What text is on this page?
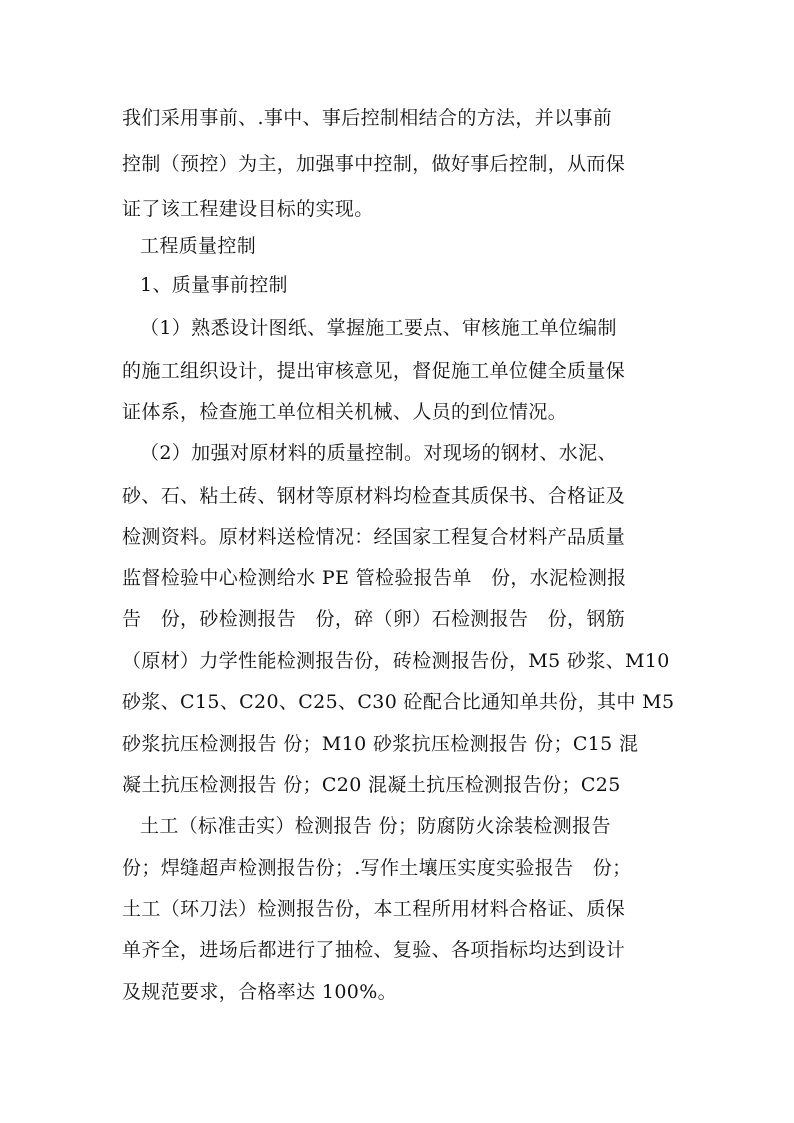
我们采用事前、.事中、事后控制相结合的方法，并以事前
控制（预控）为主，加强事中控制，做好事后控制，从而保
证了该工程建设目标的实现。
工程质量控制
1、质量事前控制
（1）熟悉设计图纸、掌握施工要点、审核施工单位编制
的施工组织设计，提出审核意见，督促施工单位健全质量保
证体系，检查施工单位相关机械、人员的到位情况。
（2）加强对原材料的质量控制。对现场的钢材、水泥、
砂、石、粘土砖、钢材等原材料均检查其质保书、合格证及
检测资料。原材料送检情况：经国家工程复合材料产品质量
监督检验中心检测给水 PE 管检验报告单　份，水泥检测报
告　份，砂检测报告　份，碎（卵）石检测报告　份，钢筋
（原材）力学性能检测报告份，砖检测报告份，M5 砂浆、M10
砂浆、C15、C20、C25、C30 砼配合比通知单共份，其中 M5
砂浆抗压检测报告 份；M10 砂浆抗压检测报告 份；C15 混
凝土抗压检测报告 份；C20 混凝土抗压检测报告份；C25
土工（标准击实）检测报告 份；防腐防火涂装检测报告
份；焊缝超声检测报告份；.写作土壤压实度实验报告　份；
土工（环刀法）检测报告份，本工程所用材料合格证、质保
单齐全，进场后都进行了抽检、复验、各项指标均达到设计
及规范要求，合格率达 100%。
